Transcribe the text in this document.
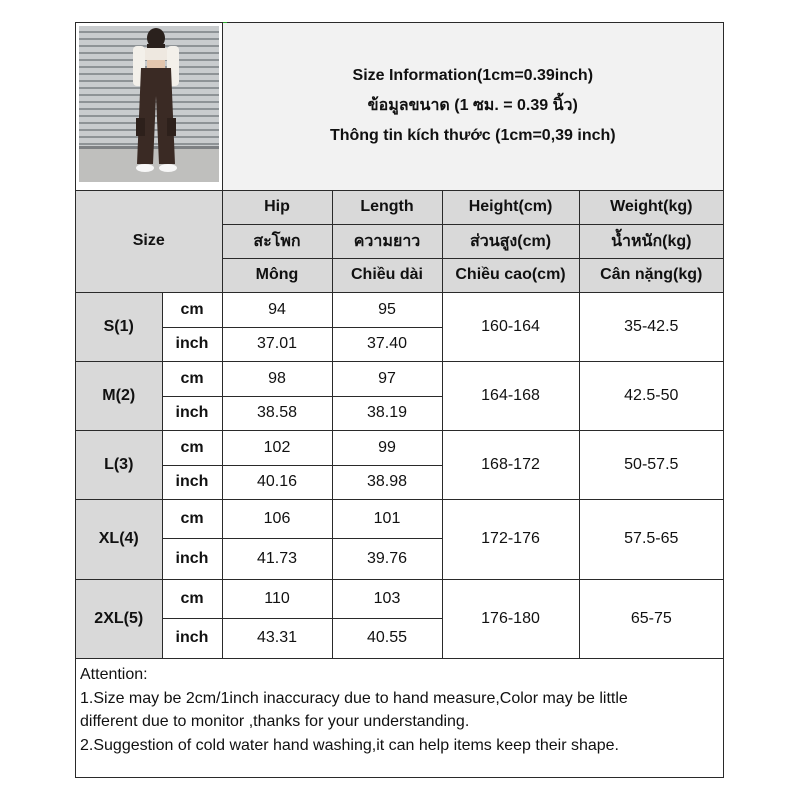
Size Information(1cm=0.39inch)
ข้อมูลขนาด (1 ซม. = 0.39 นิ้ว)
Thông tin kích thước (1cm=0,39 inch)			

Size		Hip	Length	Height(cm)	Weight(kg)
		สะโพก	ความยาว	ส่วนสูง(cm)	น้ำหนัก(kg)
		Mông	Chiều dài	Chiều cao(cm)	Cân nặng(kg)
S(1)	cm	94	95	160-164	35-42.5
	inch	37.01	37.40		
M(2)	cm	98	97	164-168	42.5-50
	inch	38.58	38.19		
L(3)	cm	102	99	168-172	50-57.5
	inch	40.16	38.98		
XL(4)	cm	106	101	172-176	57.5-65
	inch	41.73	39.76		
2XL(5)	cm	110	103	176-180	65-75
	inch	43.31	40.55		
Attention:
1.Size may be 2cm/1inch inaccuracy due to hand measure,Color may be little
different due to monitor ,thanks for your understanding.
2.Suggestion of cold water hand washing,it can help items keep their shape.
